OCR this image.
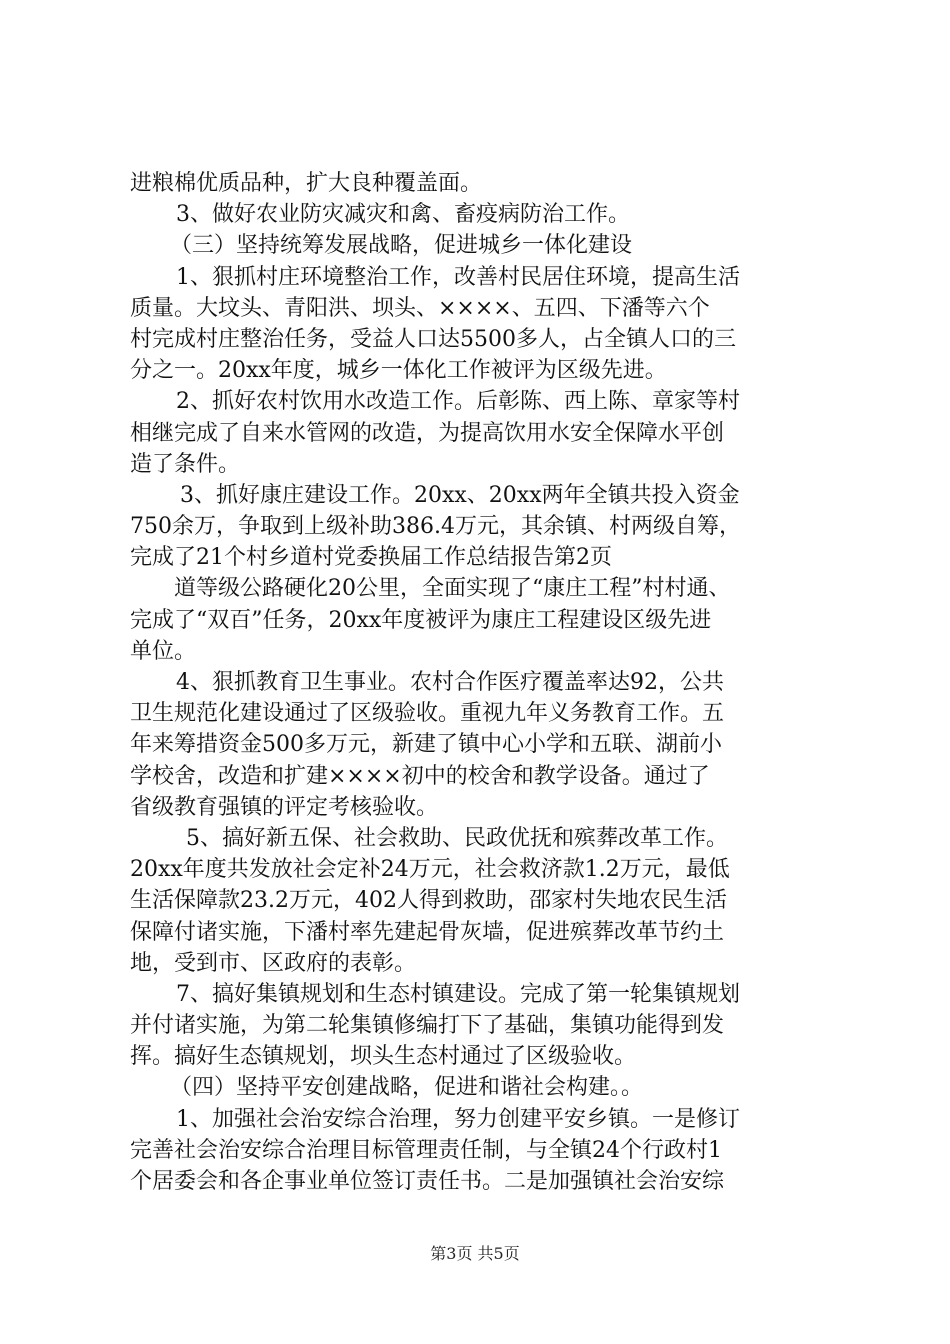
进粮棉优质品种，扩大良种覆盖面。
3、做好农业防灾减灾和禽、畜疫病防治工作。
（三）坚持统筹发展战略，促进城乡一体化建设
1、狠抓村庄环境整治工作，改善村民居住环境，提高生活
质量。大坟头、青阳洪、坝头、××××、五四、下潘等六个
村完成村庄整治任务，受益人口达5500多人，占全镇人口的三
分之一。20xx年度，城乡一体化工作被评为区级先进。
2、抓好农村饮用水改造工作。后彰陈、西上陈、章家等村
相继完成了自来水管网的改造，为提高饮用水安全保障水平创
造了条件。
3、抓好康庄建设工作。20xx、20xx两年全镇共投入资金
750余万，争取到上级补助386.4万元，其余镇、村两级自筹，
完成了21个村乡道村党委换届工作总结报告第2页
道等级公路硬化20公里，全面实现了“康庄工程”村村通、
完成了“双百”任务，20xx年度被评为康庄工程建设区级先进
单位。
4、狠抓教育卫生事业。农村合作医疗覆盖率达92，公共
卫生规范化建设通过了区级验收。重视九年义务教育工作。五
年来筹措资金500多万元，新建了镇中心小学和五联、湖前小
学校舍，改造和扩建××××初中的校舍和教学设备。通过了
省级教育强镇的评定考核验收。
5、搞好新五保、社会救助、民政优抚和殡葬改革工作。
20xx年度共发放社会定补24万元，社会救济款1.2万元，最低
生活保障款23.2万元，402人得到救助，邵家村失地农民生活
保障付诸实施，下潘村率先建起骨灰墙，促进殡葬改革节约土
地，受到市、区政府的表彰。
7、搞好集镇规划和生态村镇建设。完成了第一轮集镇规划
并付诸实施，为第二轮集镇修编打下了基础，集镇功能得到发
挥。搞好生态镇规划，坝头生态村通过了区级验收。
（四）坚持平安创建战略，促进和谐社会构建。。
1、加强社会治安综合治理，努力创建平安乡镇。一是修订
完善社会治安综合治理目标管理责任制，与全镇24个行政村1
个居委会和各企事业单位签订责任书。二是加强镇社会治安综
第3页 共5页
